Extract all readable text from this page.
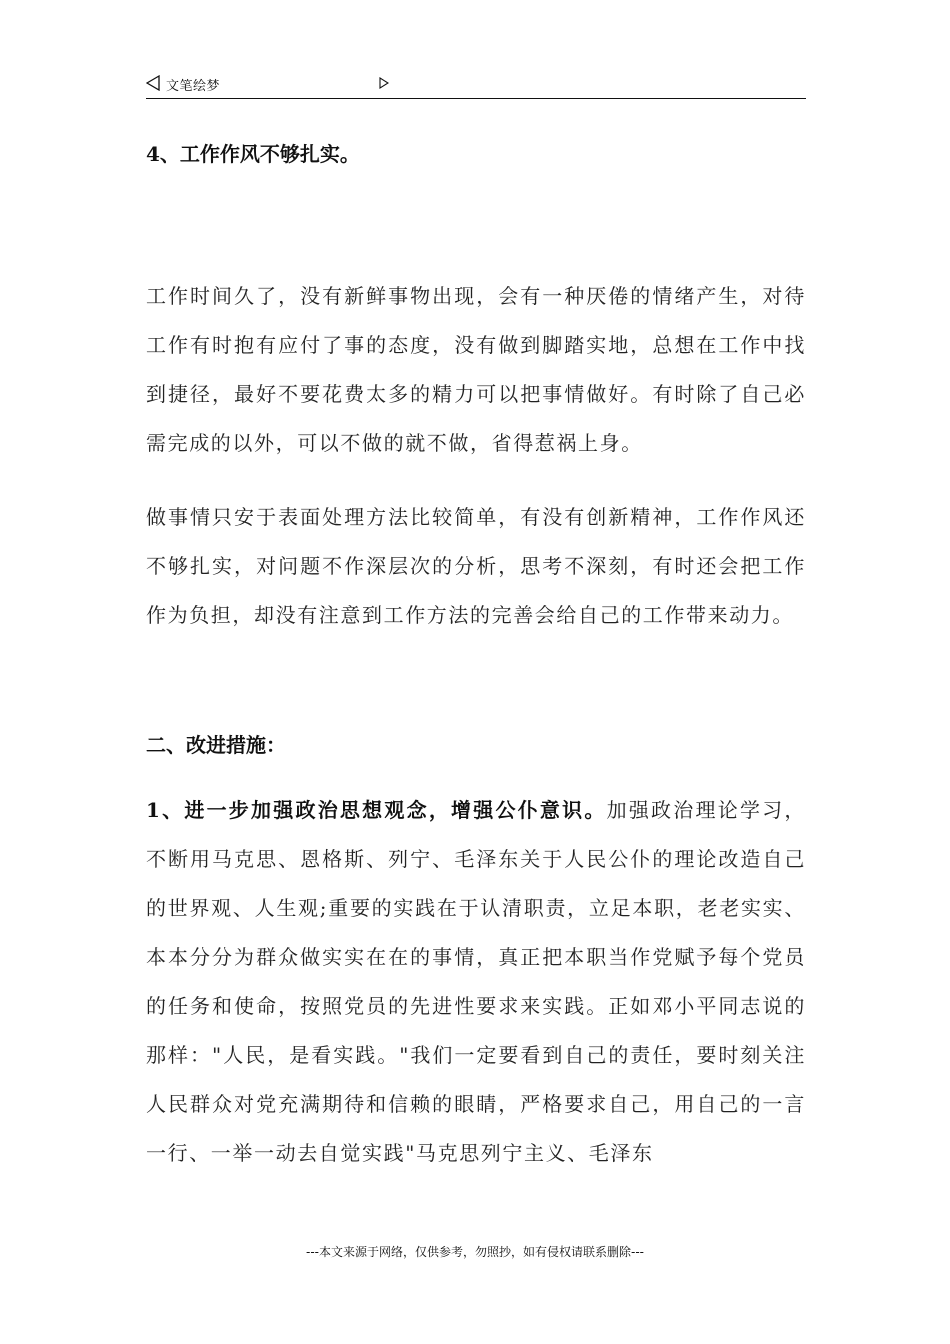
文笔绘梦
4、工作作风不够扎实。

工作时间久了，没有新鲜事物出现，会有一种厌倦的情绪产生，对待工作有时抱有应付了事的态度，没有做到脚踏实地，总想在工作中找到捷径，最好不要花费太多的精力可以把事情做好。有时除了自己必需完成的以外，可以不做的就不做，省得惹祸上身。

做事情只安于表面处理方法比较简单，有没有创新精神，工作作风还不够扎实，对问题不作深层次的分析，思考不深刻，有时还会把工作作为负担，却没有注意到工作方法的完善会给自己的工作带来动力。

二、改进措施：

1、进一步加强政治思想观念，增强公仆意识。加强政治理论学习，不断用马克思、恩格斯、列宁、毛泽东关于人民公仆的理论改造自己的世界观、人生观;重要的实践在于认清职责，立足本职，老老实实、本本分分为群众做实实在在的事情，真正把本职当作党赋予每个党员的任务和使命，按照党员的先进性要求来实践。正如邓小平同志说的那样："人民，是看实践。"我们一定要看到自己的责任，要时刻关注人民群众对党充满期待和信赖的眼睛，严格要求自己，用自己的一言一行、一举一动去自觉实践"马克思列宁主义、毛泽东

---本文来源于网络，仅供参考，勿照抄，如有侵权请联系删除---
